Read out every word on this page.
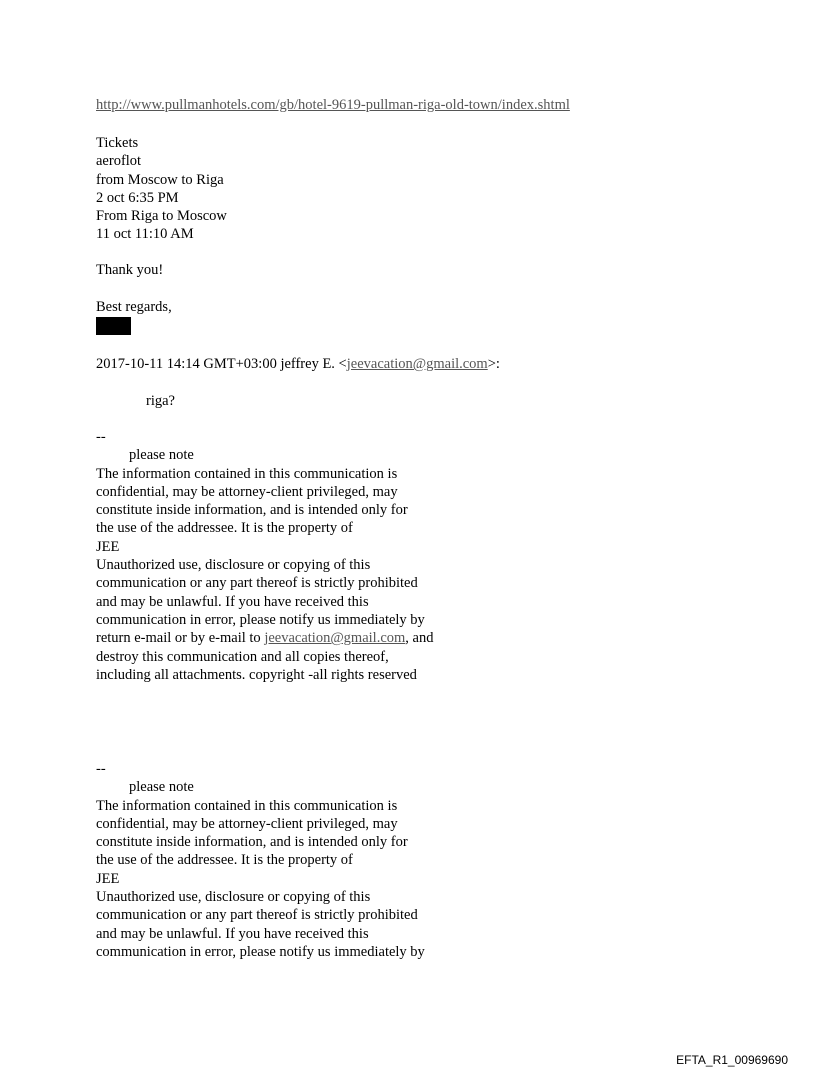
http://www.pullmanhotels.com/gb/hotel-9619-pullman-riga-old-town/index.shtml
Tickets
aeroflot
from Moscow to Riga
2 oct 6:35 PM
From Riga to Moscow
11 oct 11:10 AM
Thank you!
Best regards,
2017-10-11 14:14 GMT+03:00 jeffrey E. <jeevacation@gmail.com>:
riga?
--
please note
The information contained in this communication is
confidential, may be attorney-client privileged, may
constitute inside information, and is intended only for
the use of the addressee. It is the property of
JEE
Unauthorized use, disclosure or copying of this
communication or any part thereof is strictly prohibited
and may be unlawful. If you have received this
communication in error, please notify us immediately by
return e-mail or by e-mail to jeevacation@gmail.com, and
destroy this communication and all copies thereof,
including all attachments. copyright -all rights reserved
--
please note
The information contained in this communication is
confidential, may be attorney-client privileged, may
constitute inside information, and is intended only for
the use of the addressee. It is the property of
JEE
Unauthorized use, disclosure or copying of this
communication or any part thereof is strictly prohibited
and may be unlawful. If you have received this
communication in error, please notify us immediately by
EFTA_R1_00969690
